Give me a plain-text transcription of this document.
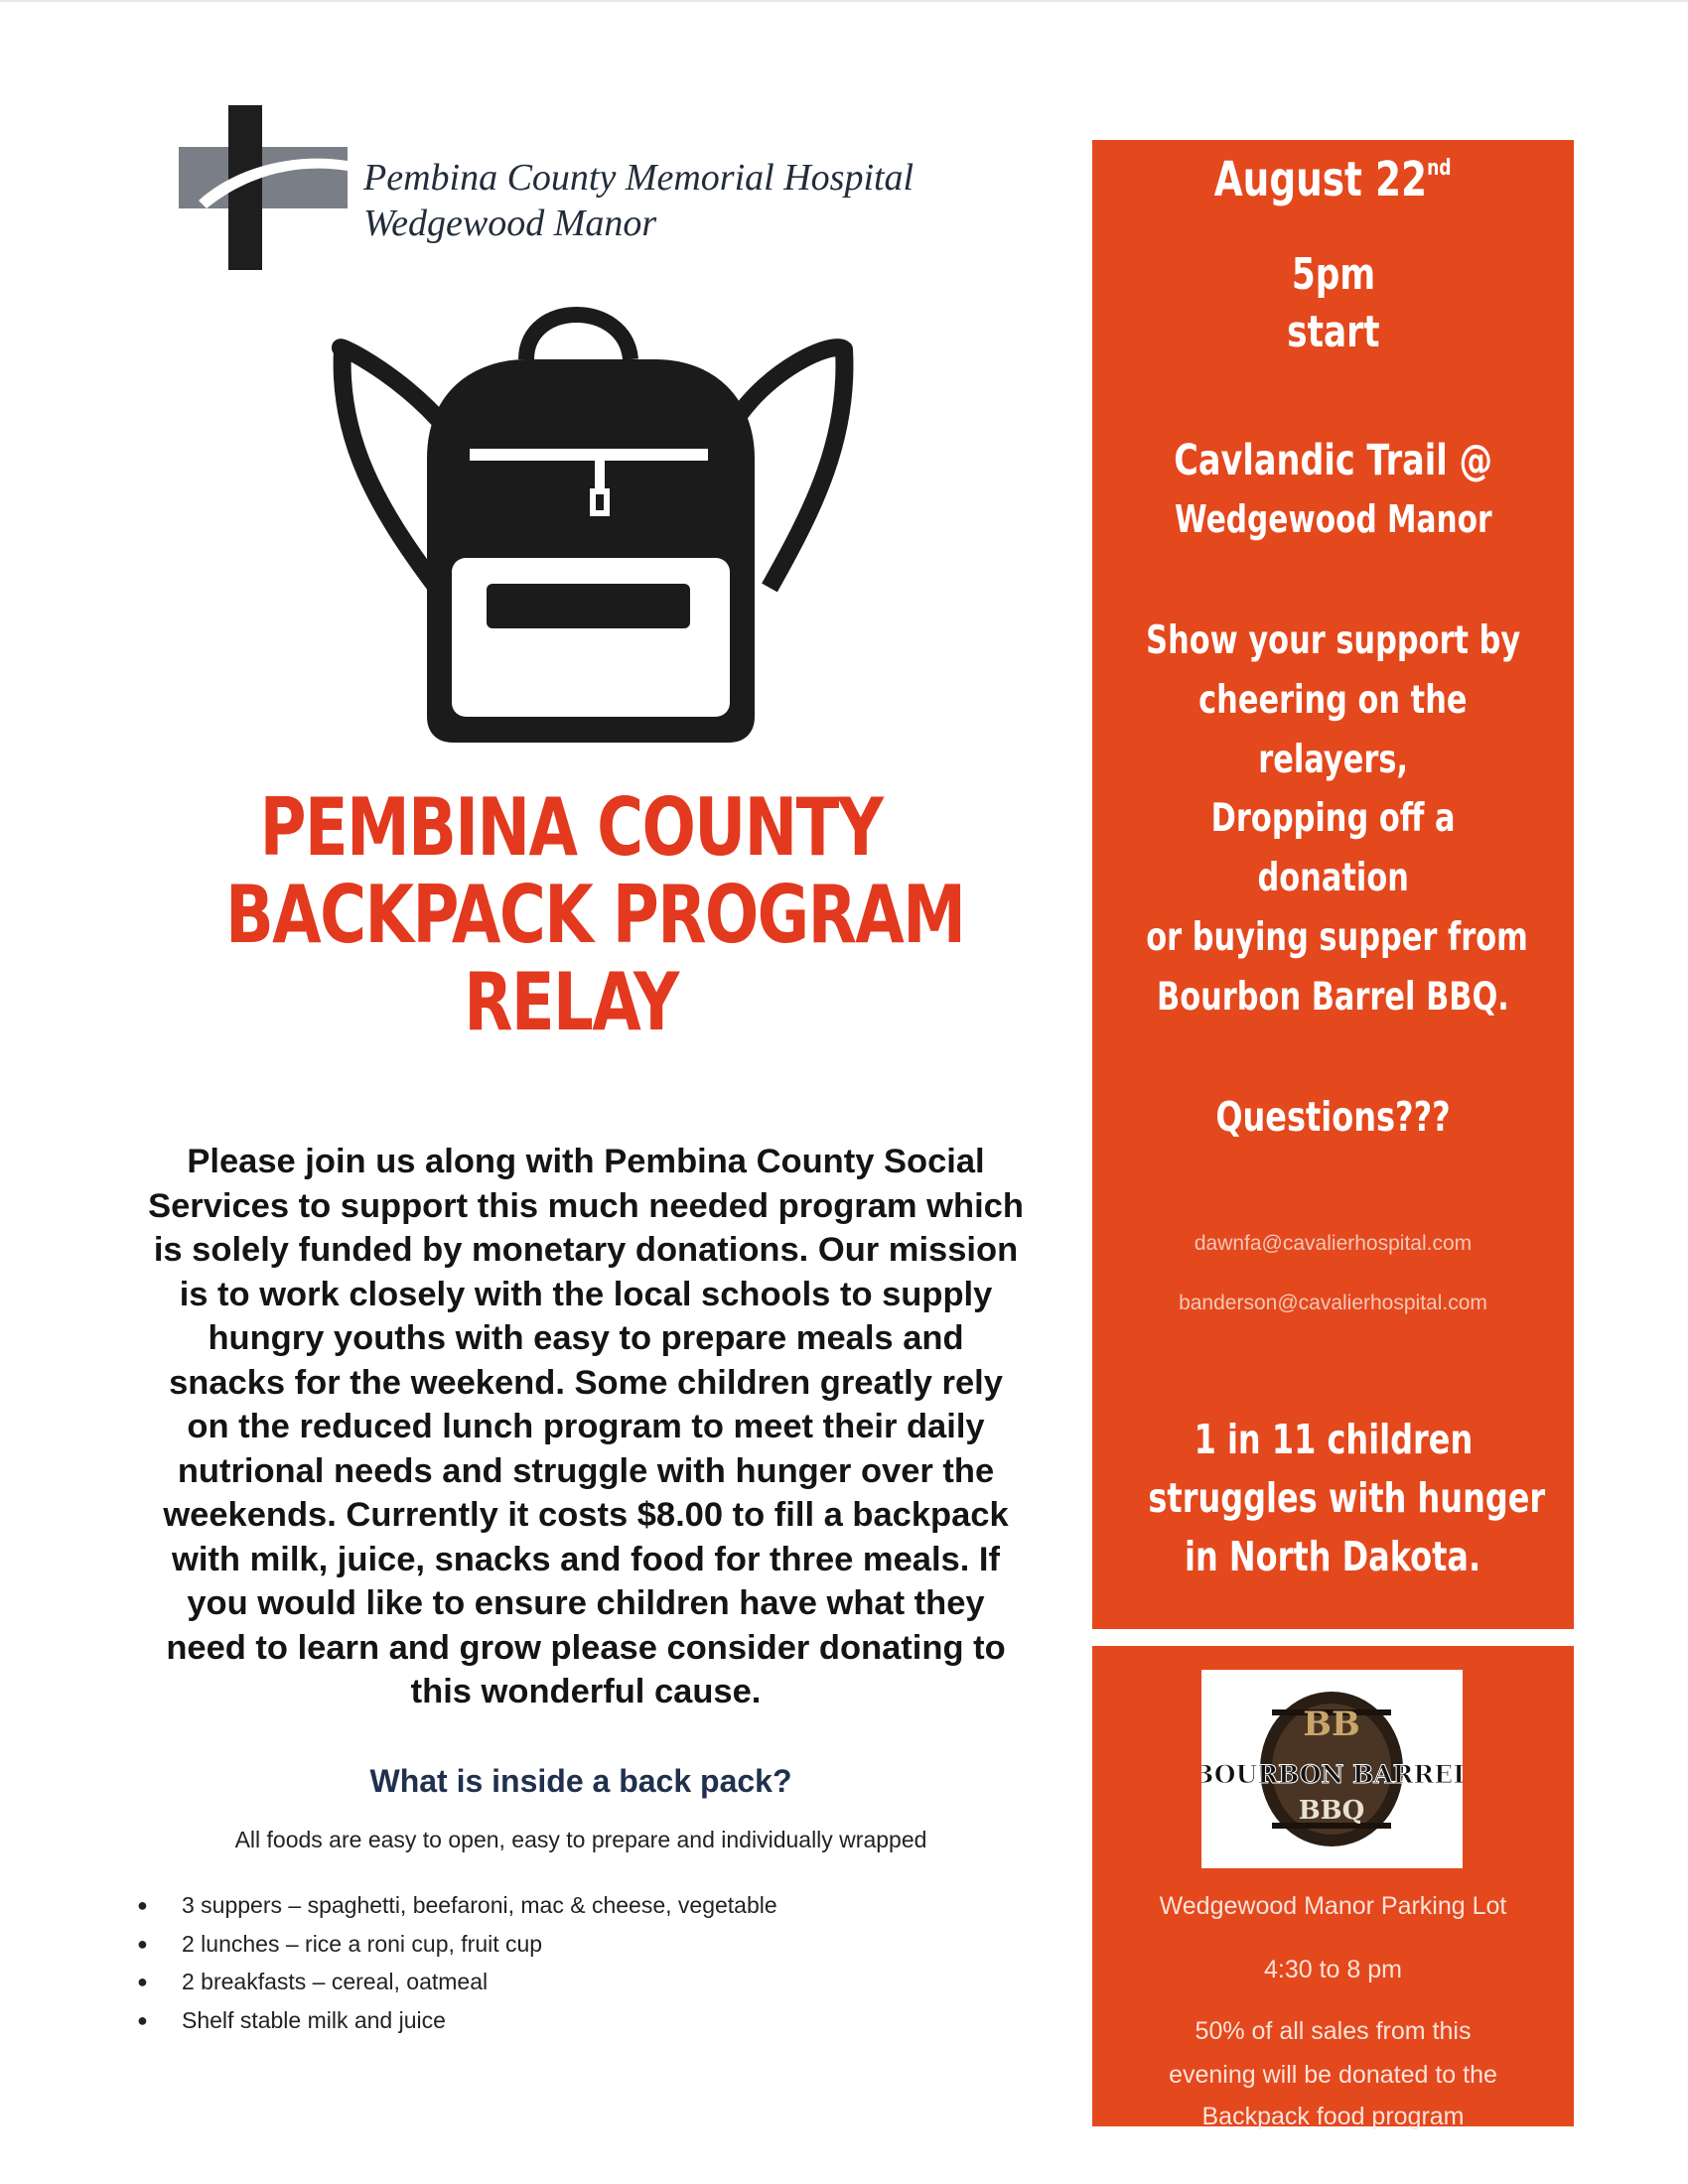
Pembina County Memorial Hospital
Wedgewood Manor
PEMBINA COUNTY
BACKPACK PROGRAM
RELAY
Please join us along with Pembina County Social
Services to support this much needed program which
is solely funded by monetary donations. Our mission
is to work closely with the local schools to supply
hungry youths with easy to prepare meals and
snacks for the weekend. Some children greatly rely
on the reduced lunch program to meet their daily
nutrional needs and struggle with hunger over the
weekends. Currently it costs $8.00 to fill a backpack
with milk, juice, snacks and food for three meals. If
you would like to ensure children have what they
need to learn and grow please consider donating to
this wonderful cause.
What is inside a back pack?
All foods are easy to open, easy to prepare and individually wrapped
● 3 suppers – spaghetti, beefaroni, mac & cheese, vegetable
● 2 lunches – rice a roni cup, fruit cup
● 2 breakfasts – cereal, oatmeal
● Shelf stable milk and juice
August 22nd
5pm
start
Cavlandic Trail @
Wedgewood Manor
Show your support by
cheering on the
relayers,
Dropping off a
donation
or buying supper from
Bourbon Barrel BBQ.
Questions???
dawnfa@cavalierhospital.com
banderson@cavalierhospital.com
1 in 11 children
struggles with hunger
in North Dakota.
BB
BOURBON BARREL
BBQ
Wedgewood Manor Parking Lot
4:30 to 8 pm
50% of all sales from this
evening will be donated to the
Backpack food program
